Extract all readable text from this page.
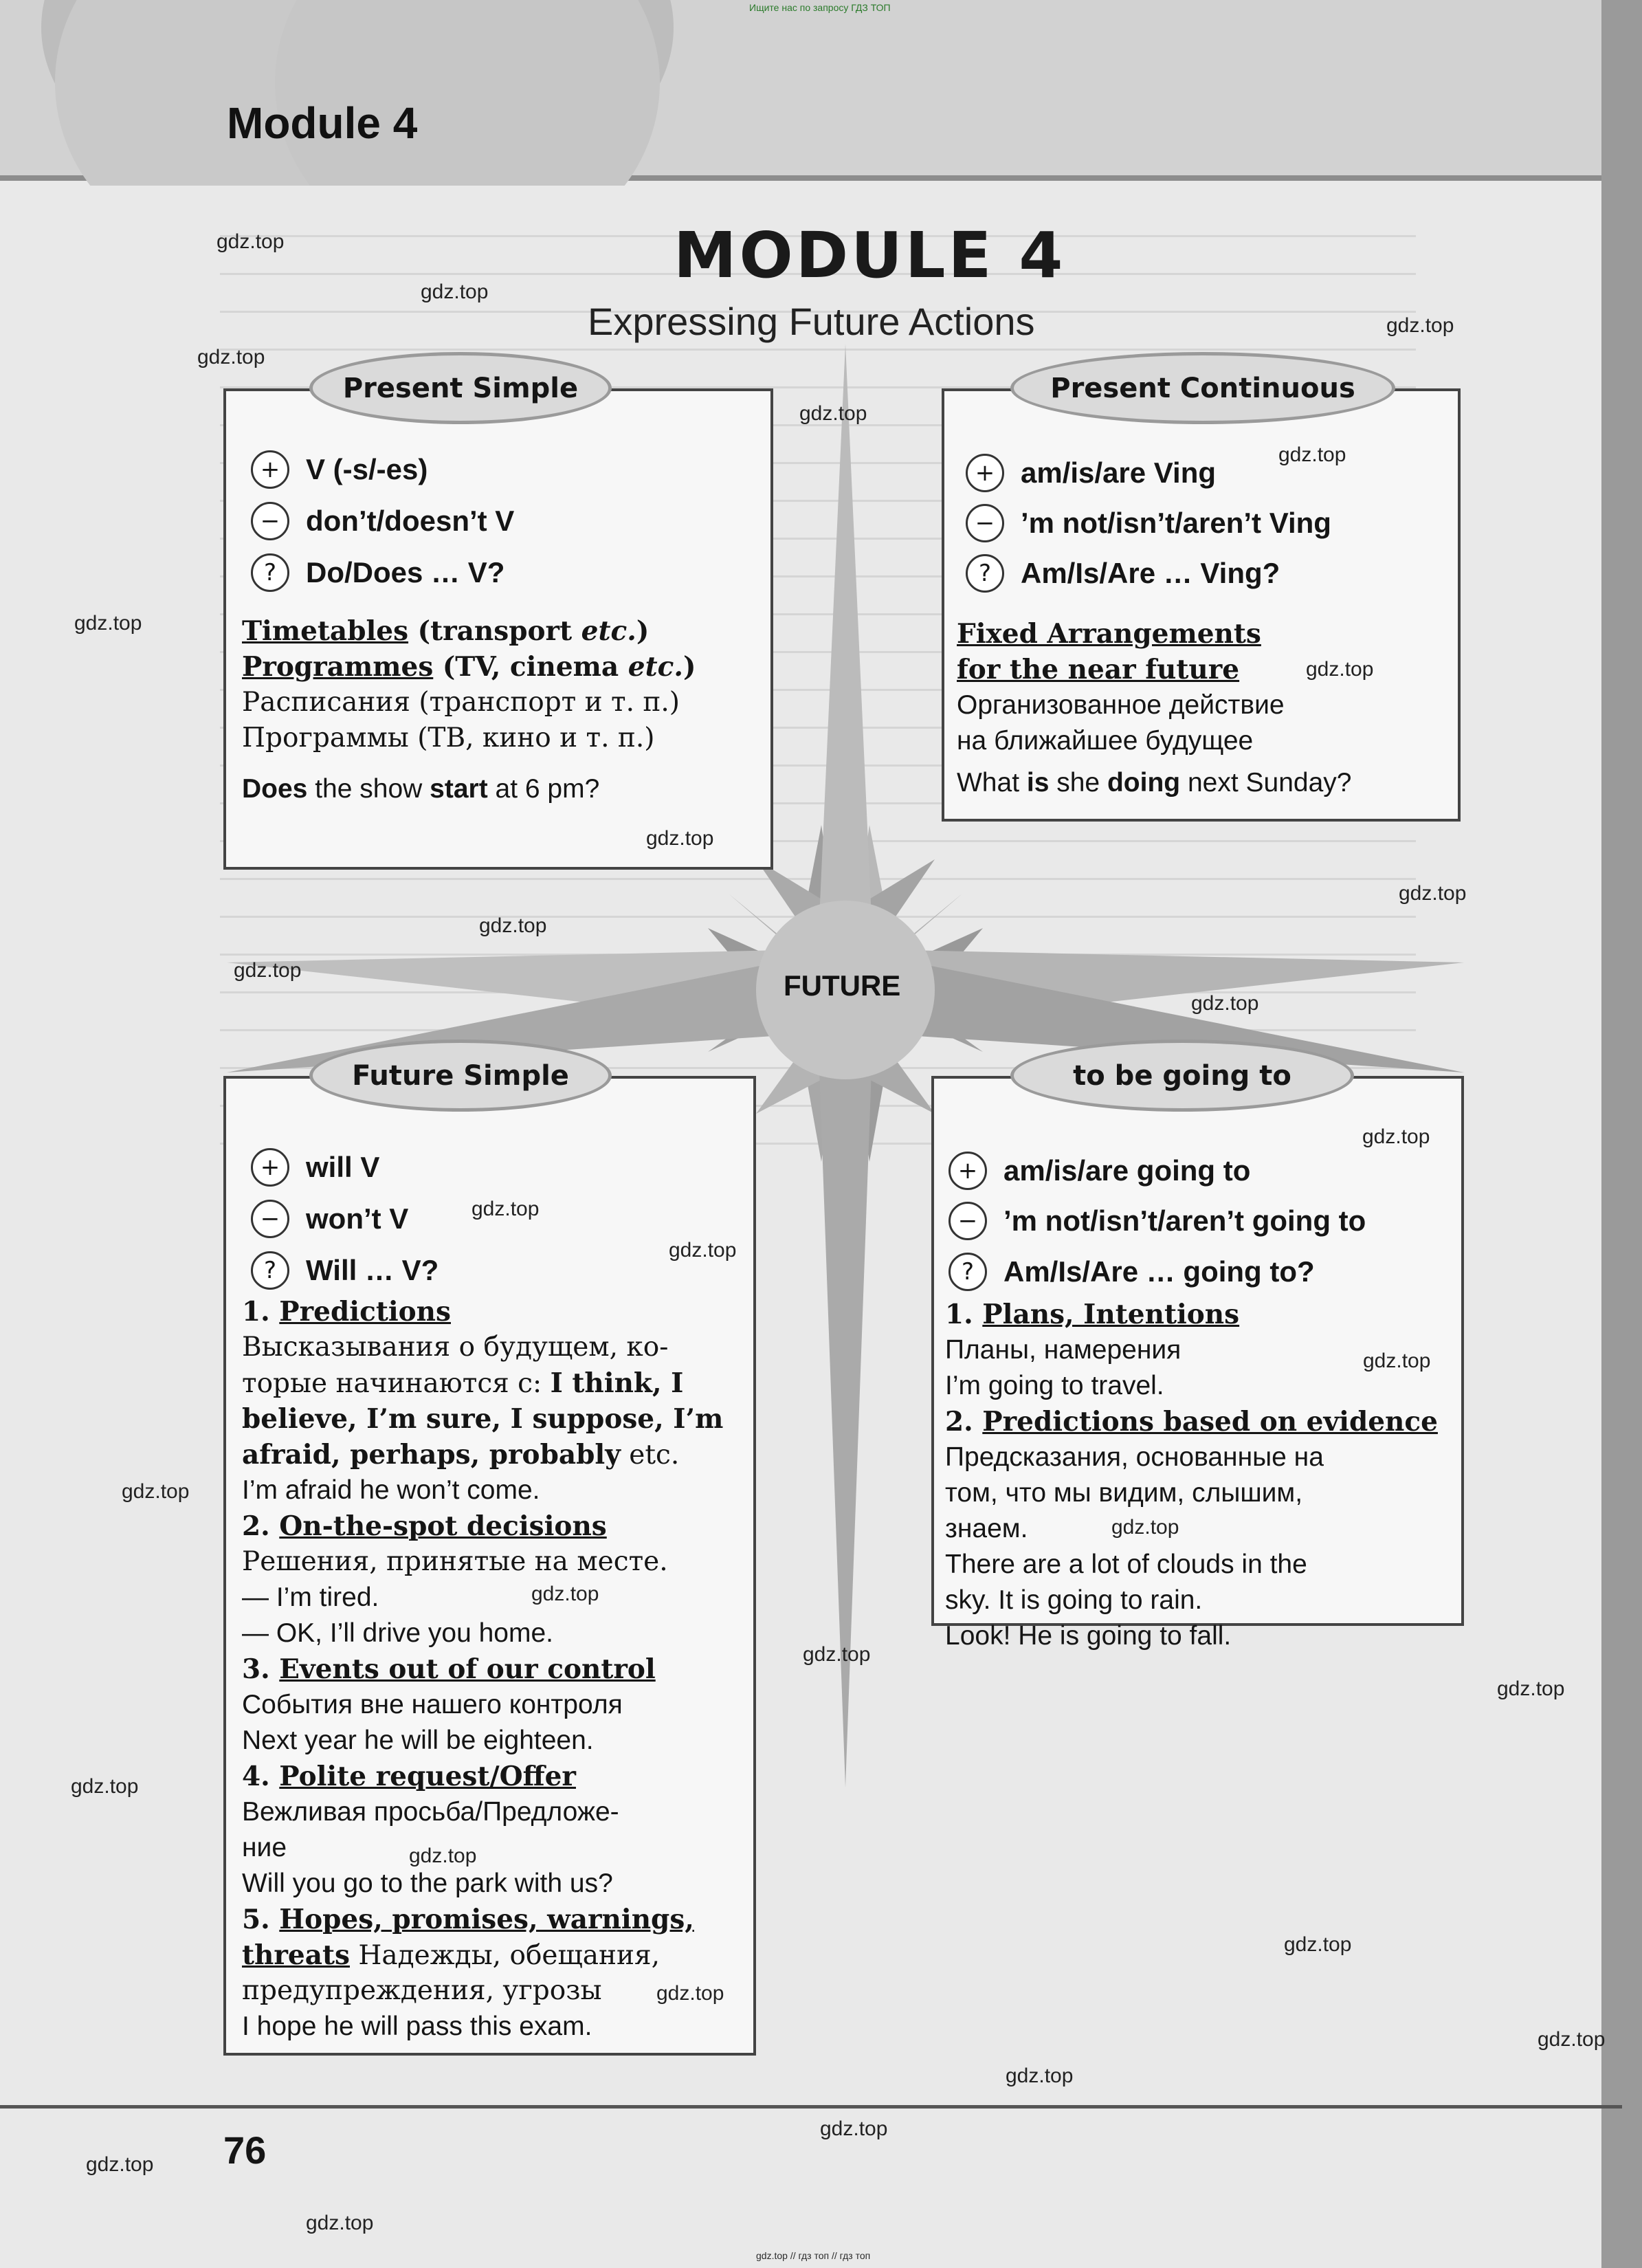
Ищите нас по запросу ГДЗ ТОП
Module 4
MODULE 4
Expressing Future Actions
FUTURE
Present Simple
+ V (-s/-es)
− don’t/doesn’t V
?	Do/Does … V?
Timetables (transport etc.)
Programmes (TV, cinema etc.)
Расписания (транспорт и т. п.)
Программы (ТВ, кино и т. п.)
Does the show start at 6 pm?
Present Continuous
+ am/is/are Ving
− ’m not/isn’t/aren’t Ving
?	Am/Is/Are … Ving?
Fixed Arrangements
for the near future
Организованное действие
на ближайшее будущее
What is she doing next Sunday?
Future Simple
+ will V
− won’t V
?	Will … V?
1. Predictions
Высказывания о будущем, ко-
торые начинаются с: I think, I
believe, I’m sure, I suppose, I’m
afraid, perhaps, probably etc.
I’m afraid he won’t come.
2. On-the-spot decisions
Решения, принятые на месте.
— I’m tired.
— OK, I’ll drive you home.
3. Events out of our control
События вне нашего контроля
Next year he will be eighteen.
4. Polite request/Offer
Вежливая просьба/Предложе-
ние
Will you go to the park with us?
5. Hopes, promises, warnings,
threats Надежды, обещания,
предупреждения, угрозы
I hope he will pass this exam.
to be going to
+ am/is/are going to
− ’m not/isn’t/aren’t going to
?	Am/Is/Are … going to?
1. Plans, Intentions
Планы, намерения
I’m going to travel.
2. Predictions based on evidence
Предсказания, основанные на
том, что мы видим, слышим,
знаем.
There are a lot of clouds in the
sky. It is going to rain.
Look! He is going to fall.
76
gdz.top
gdz.top
gdz.top
gdz.top
gdz.top
gdz.top
gdz.top
gdz.top
gdz.top
gdz.top
gdz.top
gdz.top
gdz.top
gdz.top
gdz.top
gdz.top
gdz.top
gdz.top
gdz.top
gdz.top
gdz.top
gdz.top
gdz.top
gdz.top
gdz.top
gdz.top
gdz.top
gdz.top
gdz.top
gdz.top
gdz.top
gdz.top // гдз топ // гдз топ
